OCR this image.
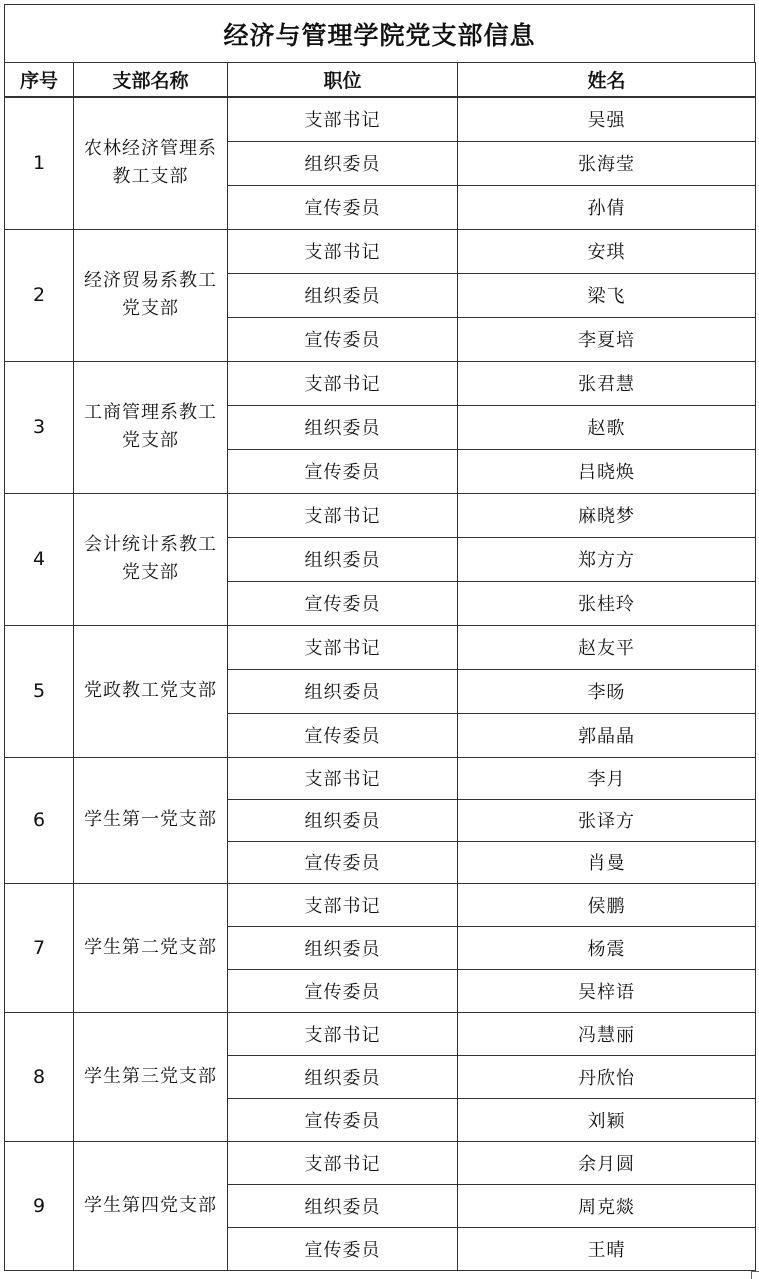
经济与管理学院党支部信息
序号	支部名称	职位	姓名
1	农林经济管理系教工支部	支部书记	吴强
		组织委员	张海莹
		宣传委员	孙倩
2	经济贸易系教工党支部	支部书记	安琪
		组织委员	梁飞
		宣传委员	李夏培
3	工商管理系教工党支部	支部书记	张君慧
		组织委员	赵歌
		宣传委员	吕晓焕
4	会计统计系教工党支部	支部书记	麻晓梦
		组织委员	郑方方
		宣传委员	张桂玲
5	党政教工党支部	支部书记	赵友平
		组织委员	李旸
		宣传委员	郭晶晶
6	学生第一党支部	支部书记	李月
		组织委员	张译方
		宣传委员	肖曼
7	学生第二党支部	支部书记	侯鹏
		组织委员	杨震
		宣传委员	吴梓语
8	学生第三党支部	支部书记	冯慧丽
		组织委员	丹欣怡
		宣传委员	刘颖
9	学生第四党支部	支部书记	余月圆
		组织委员	周克燚
		宣传委员	王晴
